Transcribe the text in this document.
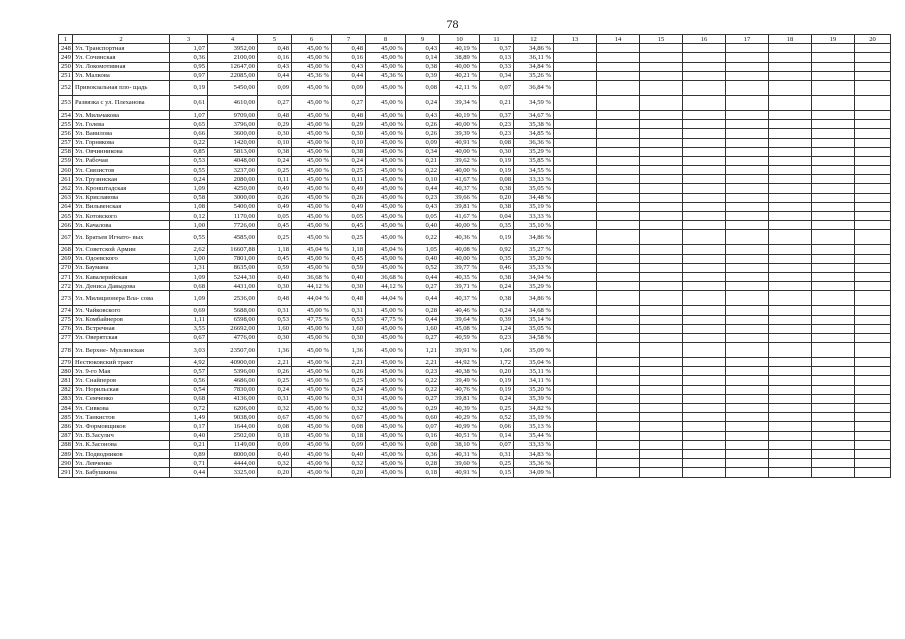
78
1	2	3	4	5	6	7	8	9	10	11	12	13	14	15	16	17	18	19	20
248	Ул. Транспортная	1,07	3952,00	0,48	45,00 %	0,48	45,00 %	0,43	40,19 %	0,37	34,86 %								
249	Ул. Сочинская	0,36	2100,00	0,16	45,00 %	0,16	45,00 %	0,14	38,89 %	0,13	36,11 %								
250	Ул. Локомотивная	0,95	12647,00	0,43	45,00 %	0,43	45,00 %	0,38	40,00 %	0,33	34,84 %								
251	Ул. Малкова	0,97	22085,00	0,44	45,36 %	0,44	45,36 %	0,39	40,21 %	0,34	35,26 %								
252	Привокзальная пло- щадь	0,19	5450,00	0,09	45,00 %	0,09	45,00 %	0,08	42,11 %	0,07	36,84 %								
253	Развязка с ул. Плеханова	0,61	4610,00	0,27	45,00 %	0,27	45,00 %	0,24	39,34 %	0,21	34,59 %								
254	Ул. Мильчакова	1,07	9709,00	0,48	45,00 %	0,48	45,00 %	0,43	40,19 %	0,37	34,67 %								
255	Ул. Голева	0,65	3796,00	0,29	45,00 %	0,29	45,00 %	0,26	40,00 %	0,23	35,38 %								
256	Ул. Вавилова	0,66	3600,00	0,30	45,00 %	0,30	45,00 %	0,26	39,39 %	0,23	34,85 %								
257	Ул. Горнякова	0,22	1420,00	0,10	45,00 %	0,10	45,00 %	0,09	40,91 %	0,08	36,36 %								
258	Ул. Овчинникова	0,85	5813,00	0,38	45,00 %	0,38	45,00 %	0,34	40,00 %	0,30	35,29 %								
259	Ул. Рабочая	0,53	4048,00	0,24	45,00 %	0,24	45,00 %	0,21	39,62 %	0,19	35,85 %								
260	Ул. Связистов	0,55	3237,00	0,25	45,00 %	0,25	45,00 %	0,22	40,00 %	0,19	34,55 %								
261	Ул. Грузинская	0,24	2080,00	0,11	45,00 %	0,11	45,00 %	0,10	41,67 %	0,08	33,33 %								
262	Ул. Кронштадская	1,09	4250,00	0,49	45,00 %	0,49	45,00 %	0,44	40,37 %	0,38	35,05 %								
263	Ул. Криславова	0,58	3000,00	0,26	45,00 %	0,26	45,00 %	0,23	39,66 %	0,20	34,48 %								
264	Ул. Вильвенская	1,08	5400,00	0,49	45,00 %	0,49	45,00 %	0,43	39,81 %	0,38	35,19 %								
265	Ул. Котовского	0,12	1170,00	0,05	45,00 %	0,05	45,00 %	0,05	41,67 %	0,04	33,33 %								
266	Ул. Качалова	1,00	7726,00	0,45	45,00 %	0,45	45,00 %	0,40	40,00 %	0,35	35,10 %								
267	Ул. Братьев Игнато- вых	0,55	4585,00	0,25	45,00 %	0,25	45,00 %	0,22	40,36 %	0,19	34,86 %								
268	Ул. Советской Армии	2,62	16607,88	1,18	45,04 %	1,18	45,04 %	1,05	40,08 %	0,92	35,27 %								
269	Ул. Одоевского	1,00	7801,00	0,45	45,00 %	0,45	45,00 %	0,40	40,00 %	0,35	35,20 %								
270	Ул. Баумана	1,31	8635,00	0,59	45,00 %	0,59	45,00 %	0,52	39,77 %	0,46	35,33 %								
271	Ул. Кавалерийская	1,09	5244,30	0,40	36,68 %	0,40	36,68 %	0,44	40,35 %	0,38	34,94 %								
272	Ул. Дениса Давыдова	0,68	4431,00	0,30	44,12 %	0,30	44,12 %	0,27	39,71 %	0,24	35,29 %								
273	Ул. Милиционера Вла- сова	1,09	2536,00	0,48	44,04 %	0,48	44,04 %	0,44	40,37 %	0,38	34,86 %								
274	Ул. Чайковского	0,69	5688,00	0,31	45,00 %	0,31	45,00 %	0,28	40,46 %	0,24	34,68 %								
275	Ул. Комбайнеров	1,11	6598,00	0,53	47,75 %	0,53	47,75 %	0,44	39,64 %	0,39	35,14 %								
276	Ул. Встречная	3,55	26692,00	1,60	45,00 %	1,60	45,00 %	1,60	45,08 %	1,24	35,05 %								
277	Ул. Оверятская	0,67	4776,00	0,30	45,00 %	0,30	45,00 %	0,27	40,59 %	0,23	34,58 %								
278	Ул. Верхне- Муллинская	3,03	23507,00	1,36	45,00 %	1,36	45,00 %	1,21	39,91 %	1,06	35,09 %								
279	Нестюковский тракт	4,92	40900,00	2,21	45,00 %	2,21	45,00 %	2,21	44,92 %	1,72	35,04 %								
280	Ул. 9-го Мая	0,57	5396,00	0,26	45,00 %	0,26	45,00 %	0,23	40,38 %	0,20	35,11 %								
281	Ул. Снайперов	0,56	4686,00	0,25	45,00 %	0,25	45,00 %	0,22	39,49 %	0,19	34,11 %								
282	Ул. Норильская	0,54	7830,00	0,24	45,00 %	0,24	45,00 %	0,22	40,76 %	0,19	35,20 %								
283	Ул. Семченко	0,68	4136,00	0,31	45,00 %	0,31	45,00 %	0,27	39,81 %	0,24	35,39 %								
284	Ул. Сивкова	0,72	6206,00	0,32	45,00 %	0,32	45,00 %	0,29	40,39 %	0,25	34,82 %								
285	Ул. Танкистов	1,49	9038,00	0,67	45,00 %	0,67	45,00 %	0,60	40,29 %	0,52	35,19 %								
286	Ул. Формовщиков	0,17	1644,00	0,08	45,00 %	0,08	45,00 %	0,07	40,99 %	0,06	35,13 %								
287	Ул. В.Засулич	0,40	2502,00	0,18	45,00 %	0,18	45,00 %	0,16	40,51 %	0,14	35,44 %								
288	Ул. К.Засонова	0,21	1149,00	0,09	45,00 %	0,09	45,00 %	0,08	38,10 %	0,07	33,33 %								
289	Ул. Подводников	0,89	8000,00	0,40	45,00 %	0,40	45,00 %	0,36	40,31 %	0,31	34,83 %								
290	Ул. Левченко	0,71	4444,00	0,32	45,00 %	0,32	45,00 %	0,28	39,60 %	0,25	35,36 %								
291	Ул. Бабушкина	0,44	3325,00	0,20	45,00 %	0,20	45,00 %	0,18	40,91 %	0,15	34,09 %								
